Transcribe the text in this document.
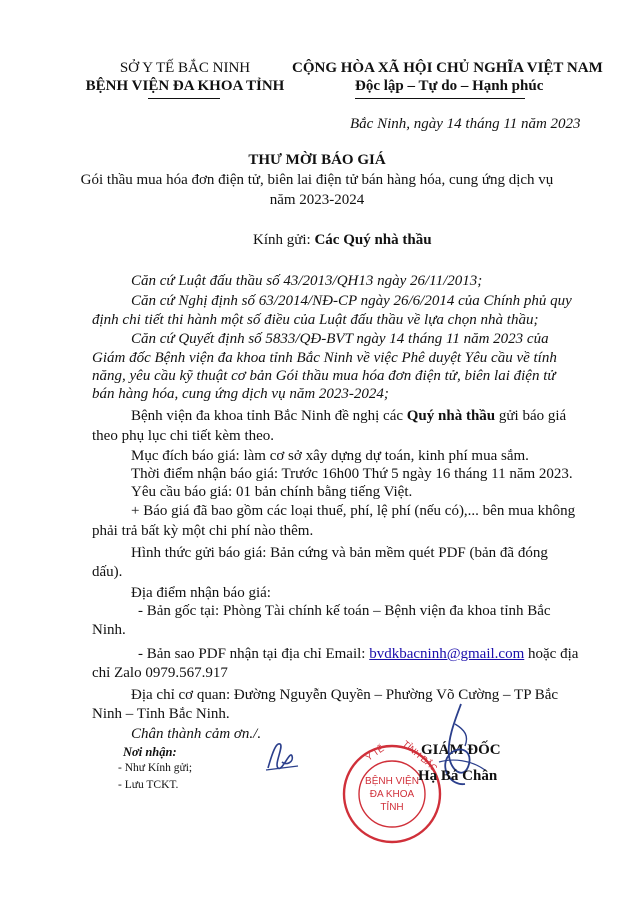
SỞ Y TẾ BẮC NINH
BỆNH VIỆN ĐA KHOA TỈNH
CỘNG HÒA XÃ HỘI CHỦ NGHĨA VIỆT NAM
Độc lập – Tự do – Hạnh phúc
Bắc Ninh, ngày 14 tháng 11 năm 2023
THƯ MỜI BÁO GIÁ
Gói thầu mua hóa đơn điện tử, biên lai điện tử bán hàng hóa, cung ứng dịch vụ
năm 2023-2024
Kính gửi: Các Quý nhà thầu
Căn cứ Luật đấu thầu số 43/2013/QH13 ngày 26/11/2013;
Căn cứ Nghị định số 63/2014/NĐ-CP ngày 26/6/2014 của Chính phủ quy
định chi tiết thi hành một số điều của Luật đấu thầu về lựa chọn nhà thầu;
Căn cứ Quyết định số 5833/QĐ-BVT ngày 14 tháng 11 năm 2023 của
Giám đốc Bệnh viện đa khoa tỉnh Bắc Ninh về việc Phê duyệt Yêu cầu về tính
năng, yêu cầu kỹ thuật cơ bản Gói thầu mua hóa đơn điện tử, biên lai điện tử
bán hàng hóa, cung ứng dịch vụ năm 2023-2024;
Bệnh viện đa khoa tỉnh Bắc Ninh đề nghị các Quý nhà thầu gửi báo giá
theo phụ lục chi tiết kèm theo.
Mục đích báo giá: làm cơ sở xây dựng dự toán, kinh phí mua sắm.
Thời điểm nhận báo giá: Trước 16h00 Thứ 5 ngày 16 tháng 11 năm 2023.
Yêu cầu báo giá: 01 bản chính bằng tiếng Việt.
+ Báo giá đã bao gồm các loại thuế, phí, lệ phí (nếu có),... bên mua không
phải trả bất kỳ một chi phí nào thêm.
Hình thức gửi báo giá: Bản cứng và bản mềm quét PDF (bản đã đóng
dấu).
Địa điểm nhận báo giá:
- Bản gốc tại: Phòng Tài chính kế toán – Bệnh viện đa khoa tỉnh Bắc
Ninh.
- Bản sao PDF nhận tại địa chỉ Email: bvdkbacninh@gmail.com hoặc địa
chỉ Zalo 0979.567.917
Địa chỉ cơ quan: Đường Nguyễn Quyền – Phường Võ Cường – TP Bắc
Ninh – Tỉnh Bắc Ninh.
Chân thành cảm ơn./.
Nơi nhận:
- Như Kính gửi;
- Lưu TCKT.
GIÁM ĐỐC
Y TẾ TỈNH BẮC
BỆNH VIỆN
ĐA KHOA
TỈNH
Hạ Bá Chân
